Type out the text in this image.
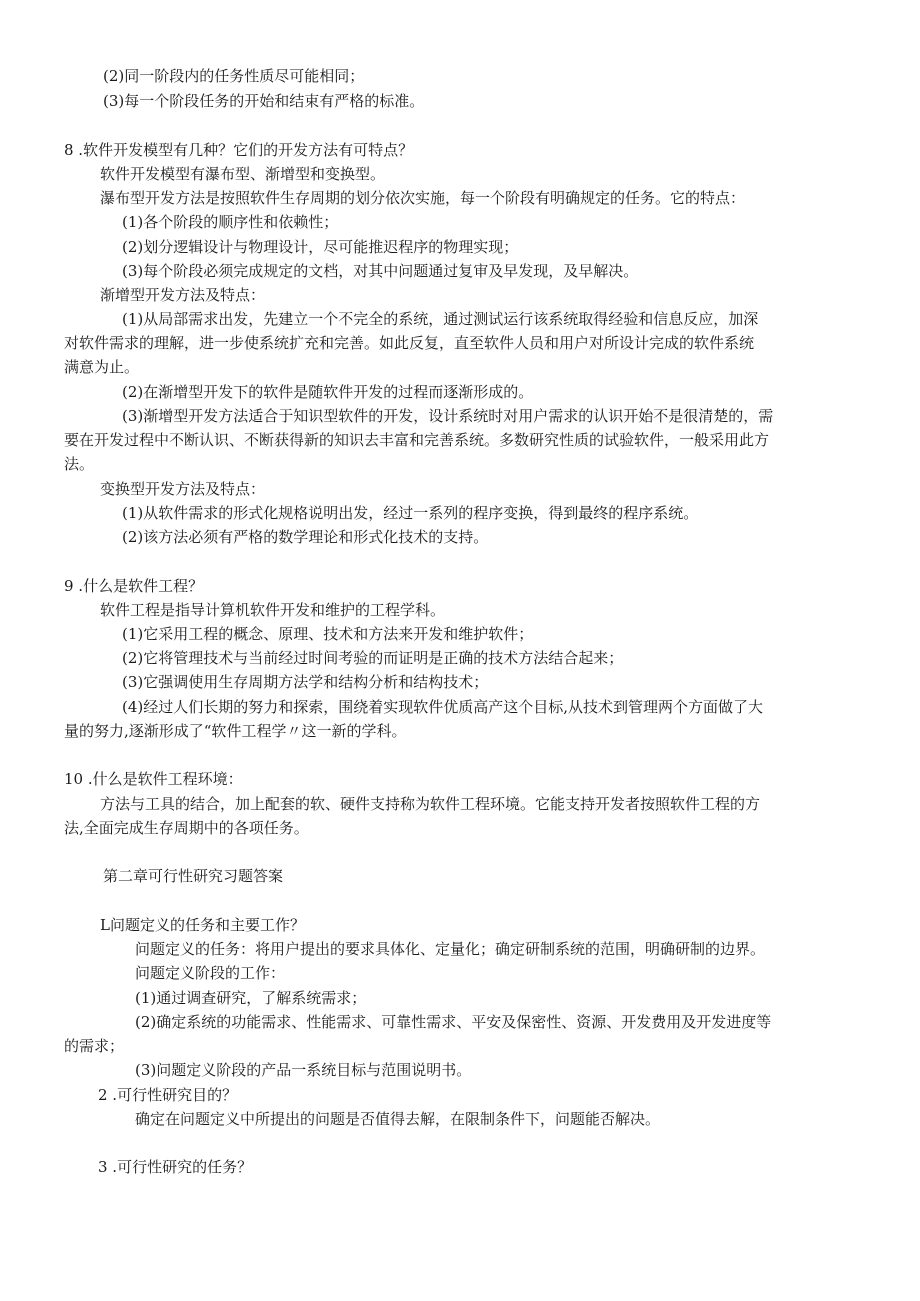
(2)同一阶段内的任务性质尽可能相同；
(3)每一个阶段任务的开始和结束有严格的标准。
8 .软件开发模型有几种？它们的开发方法有可特点？
软件开发模型有瀑布型、渐增型和变换型。
瀑布型开发方法是按照软件生存周期的划分依次实施，每一个阶段有明确规定的任务。它的特点：
(1)各个阶段的顺序性和依赖性；
(2)划分逻辑设计与物理设计，尽可能推迟程序的物理实现；
(3)每个阶段必须完成规定的文档，对其中问题通过复审及早发现，及早解决。
渐增型开发方法及特点：
(1)从局部需求出发，先建立一个不完全的系统，通过测试运行该系统取得经验和信息反应，加深
对软件需求的理解，进一步使系统扩充和完善。如此反复，直至软件人员和用户对所设计完成的软件系统
满意为止。
(2)在渐增型开发下的软件是随软件开发的过程而逐渐形成的。
(3)渐增型开发方法适合于知识型软件的开发，设计系统时对用户需求的认识开始不是很清楚的，需
要在开发过程中不断认识、不断获得新的知识去丰富和完善系统。多数研究性质的试验软件，一般采用此方
法。
变换型开发方法及特点：
(1)从软件需求的形式化规格说明出发，经过一系列的程序变换，得到最终的程序系统。
(2)该方法必须有严格的数学理论和形式化技术的支持。
9 .什么是软件工程？
软件工程是指导计算机软件开发和维护的工程学科。
(1)它采用工程的概念、原理、技术和方法来开发和维护软件；
(2)它将管理技术与当前经过时间考验的而证明是正确的技术方法结合起来；
(3)它强调使用生存周期方法学和结构分析和结构技术；
(4)经过人们长期的努力和探索，围绕着实现软件优质高产这个目标,从技术到管理两个方面做了大
量的努力,逐渐形成了“软件工程学〃这一新的学科。
10 .什么是软件工程环境：
方法与工具的结合，加上配套的软、硬件支持称为软件工程环境。它能支持开发者按照软件工程的方
法,全面完成生存周期中的各项任务。
第二章可行性研究习题答案
L问题定义的任务和主要工作？
问题定义的任务：将用户提出的要求具体化、定量化；确定研制系统的范围，明确研制的边界。
问题定义阶段的工作：
(1)通过调查研究，了解系统需求；
(2)确定系统的功能需求、性能需求、可靠性需求、平安及保密性、资源、开发费用及开发进度等
的需求；
(3)问题定义阶段的产品一系统目标与范围说明书。
2 .可行性研究目的？
确定在问题定义中所提出的问题是否值得去解，在限制条件下，问题能否解决。
3 .可行性研究的任务？
